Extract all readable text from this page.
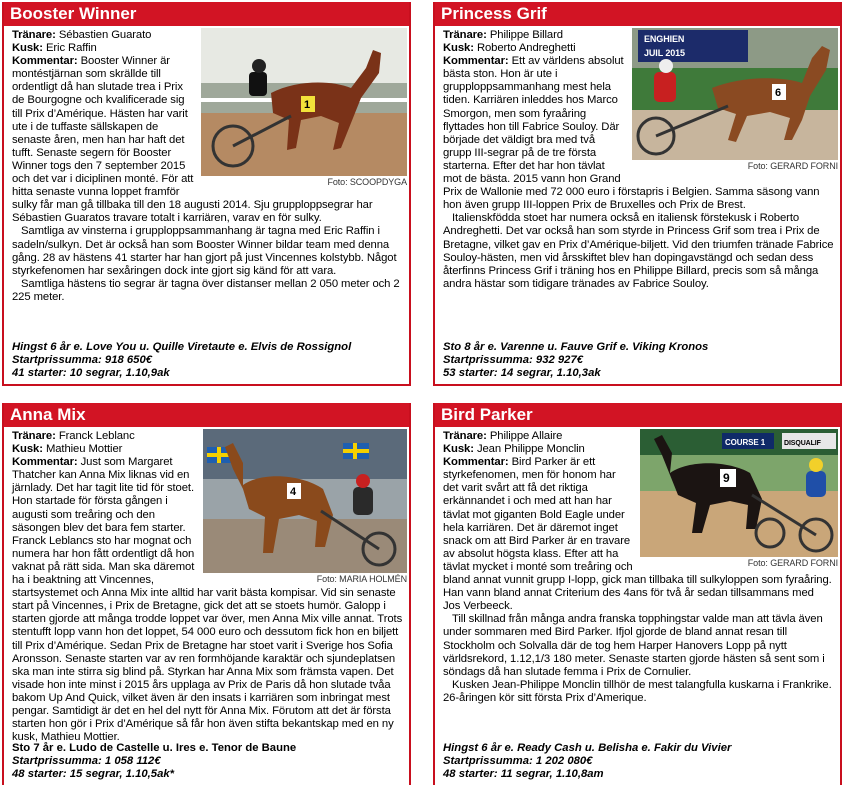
Booster Winner
1
Foto: SCOOPDYGA

Tränare: Sébastien Guarato

Kusk: Eric Raffin

Kommentar: Booster Winner är montéstjärnan som skrällde till ordentligt då han slutade trea i Prix de Bourgogne och kvalificerade sig till Prix d’Amérique. Hästen har varit ute i de tuffaste sällskapen de senaste åren, men han har haft det tufft. Senaste segern för Booster Winner togs den 7 september 2015 och det var i diciplinen monté. För att hitta senaste vunna loppet framför sulky får man gå tillbaka till den 18 augusti 2014. Sju grupploppsegrar har Sébastien Guaratos travare totalt i karriären, varav en för sulky.

Samtliga av vinsterna i grupploppsammanhang är tagna med Eric Raffin i sadeln/sulkyn. Det är också han som Booster Winner bildar team med denna gång. 28 av hästens 41 starter har han gjort på just Vincennes kolstybb. Något styrkefenomen har sexåringen dock inte gjort sig känd för att vara.

Samtliga hästens tio segrar är tagna över distanser mellan 2 050 meter och 2 225 meter.

Hingst 6 år e. Love You u. Quille Viretaute e. Elvis de Rossignol
Startprissumma: 918 650€
41 starter: 10 segrar, 1.10,9ak
Princess Grif
ENGHIEN
JUIL 2015
6
Foto: GERARD FORNI

Tränare: Philippe Billard

Kusk: Roberto Andreghetti

Kommentar: Ett av världens absolut bästa ston. Hon är ute i grupploppsammanhang mest hela tiden. Karriären inleddes hos Marco Smorgon, men som fyraåring flyttades hon till Fabrice Souloy. Där började det väldigt bra med två grupp III-segrar på de tre första starterna. Efter det har hon tävlat mot de bästa. 2015 vann hon Grand Prix de Wallonie med 72 000 euro i förstapris i Belgien. Samma säsong vann hon även grupp III-loppen Prix de Bruxelles och Prix de Brest.

Italienskfödda stoet har numera också en italiensk förstekusk i Roberto Andreghetti. Det var också han som styrde in Princess Grif som trea i Prix de Bretagne, vilket gav en Prix d’Amérique-biljett. Vid den triumfen tränade Fabrice Souloy-hästen, men vid årsskiftet blev han dopingavstängd och sedan dess återfinns Princess Grif i träning hos en Philippe Billard, precis som så många andra hästar som tidigare tränades av Fabrice Souloy.

Sto 8 år e. Varenne u. Fauve Grif e. Viking Kronos
Startprissumma: 932 927€
53 starter: 14 segrar, 1.10,3ak
Anna Mix
4
Foto: MARIA HOLMÉN

Tränare: Franck Leblanc

Kusk: Mathieu Mottier

Kommentar: Just som Margaret Thatcher kan Anna Mix liknas vid en järnlady. Det har tagit lite tid för stoet. Hon startade för första gången i augusti som treåring och den säsongen blev det bara fem starter. Franck Leblancs sto har mognat och numera har hon fått ordentligt då hon vaknat på rätt sida. Man ska däremot ha i beaktning att Vincennes, startsystemet och Anna Mix inte alltid har varit bästa kompisar. Vid sin senaste start på Vincennes, i Prix de Bretagne, gick det att se stoets humör. Galopp i starten gjorde att många trodde loppet var över, men Anna Mix ville annat. Trots stentufft lopp vann hon det loppet, 54 000 euro och dessutom fick hon en biljett till Prix d’Amérique. Sedan Prix de Bretagne har stoet varit i Sverige hos Sofia Aronsson. Senaste starten var av ren formhöjande karaktär och sjundeplatsen ska man inte stirra sig blind på. Styrkan har Anna Mix som främsta vapen. Det visade hon inte minst i 2015 års upplaga av Prix de Paris då hon slutade tvåa bakom Up And Quick, vilket även är den insats i karriären som inbringat mest pengar. Samtidigt är det en hel del nytt för Anna Mix. Förutom att det är första starten hon gör i Prix d’Amérique så får hon även stifta bekantskap med en ny kusk, Mathieu Mottier.

Sto 7 år e. Ludo de Castelle u. Ires e. Tenor de Baune
Startprissumma: 1 058 112€
48 starter: 15 segrar, 1.10,5ak*
Bird Parker
COURSE 1	DISQUALIF
9
Foto: GERARD FORNI

Tränare: Philippe Allaire

Kusk: Jean Philippe Monclin

Kommentar: Bird Parker är ett styrkefenomen, men för honom har det varit svårt att få det riktiga erkännandet i och med att han har tävlat mot giganten Bold Eagle under hela karriären. Det är däremot inget snack om att Bird Parker är en travare av absolut högsta klass. Efter att ha tävlat mycket i monté som treåring och bland annat vunnit grupp I-lopp, gick man tillbaka till sulkyloppen som fyraåring. Han vann bland annat Criterium des 4ans för två år sedan tillsammans med Jos Verbeeck.

Till skillnad från många andra franska topphingstar valde man att tävla även under sommaren med Bird Parker. Ifjol gjorde de bland annat resan till Stockholm och Solvalla där de tog hem Harper Hanovers Lopp på nytt världsrekord, 1.12,1/3 180 meter. Senaste starten gjorde hästen så sent som i söndags då han slutade femma i Prix de Cornulier.

Kusken Jean-Philippe Monclin tillhör de mest talangfulla kuskarna i Frankrike. 26-åringen kör sitt första Prix d’Amerique.

Hingst 6 år e. Ready Cash u. Belisha e. Fakir du Vivier
Startprissumma: 1 202 080€
48 starter: 11 segrar, 1.10,8am
